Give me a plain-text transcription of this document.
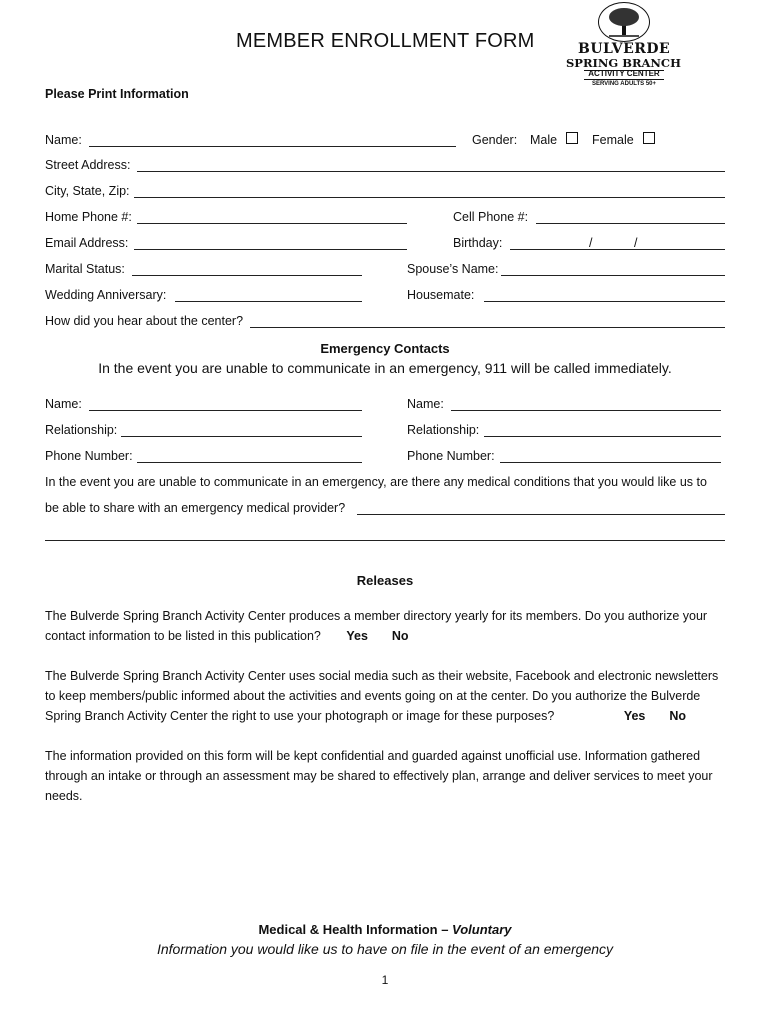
MEMBER ENROLLMENT FORM	BULVERDE
SPRING BRANCH
ACTIVITY CENTER
SERVING ADULTS 50+
Please Print Information
Name:	Gender: Male	Female
Street Address:
City, State, Zip:
Home Phone #:	Cell Phone #:
Email Address:	Birthday:	/	/
Marital Status:	Spouse’s Name:
Wedding Anniversary:	Housemate:
How did you hear about the center?
Emergency Contacts
In the event you are unable to communicate in an emergency, 911 will be called immediately.
Name:	Name:
Relationship:	Relationship:
Phone Number:	Phone Number:
In the event you are unable to communicate in an emergency, are there any medical conditions that you would like us to
be able to share with an emergency medical provider?
Releases
The Bulverde Spring Branch Activity Center produces a member directory yearly for its members. Do you authorize your contact information to be listed in this publication? Yes No
The Bulverde Spring Branch Activity Center uses social media such as their website, Facebook and electronic newsletters to keep members/public informed about the activities and events going on at the center. Do you authorize the Bulverde Spring Branch Activity Center the right to use your photograph or image for these purposes?	Yes No
The information provided on this form will be kept confidential and guarded against unofficial use. Information gathered through an intake or through an assessment may be shared to effectively plan, arrange and deliver services to meet your needs.
Medical & Health Information – Voluntary
Information you would like us to have on file in the event of an emergency
1
